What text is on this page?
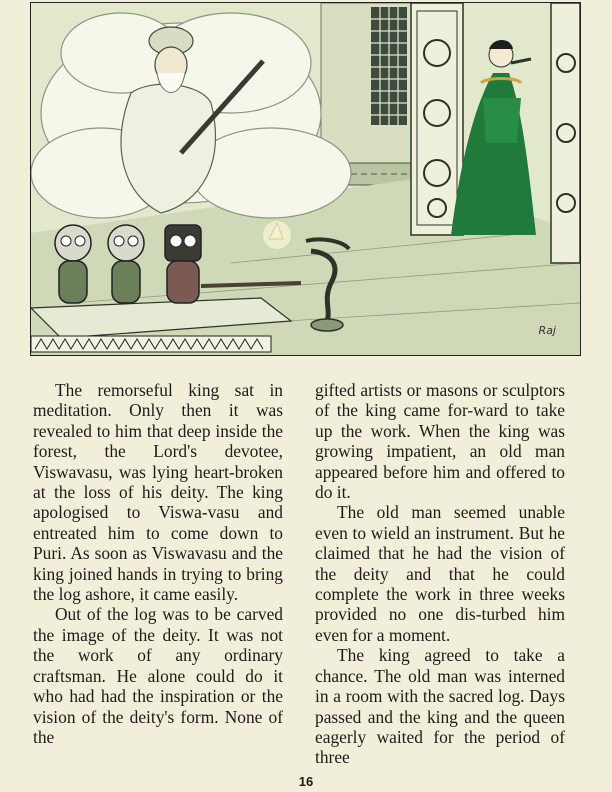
Raj

The remorseful king sat in meditation. Only then it was revealed to him that deep inside the forest, the Lord's devotee, Viswavasu, was lying heart-broken at the loss of his deity. The king apologised to Viswa-vasu and entreated him to come down to Puri. As soon as Viswavasu and the king joined hands in trying to bring the log ashore, it came easily.

Out of the log was to be carved the image of the deity. It was not the work of any ordinary craftsman. He alone could do it who had had the inspiration or the vision of the deity's form. None of the

gifted artists or masons or sculptors of the king came for-ward to take up the work. When the king was growing impatient, an old man appeared before him and offered to do it.

The old man seemed unable even to wield an instrument. But he claimed that he had the vision of the deity and that he could complete the work in three weeks provided no one dis-turbed him even for a moment.

The king agreed to take a chance. The old man was interned in a room with the sacred log. Days passed and the king and the queen eagerly waited for the period of three

16
